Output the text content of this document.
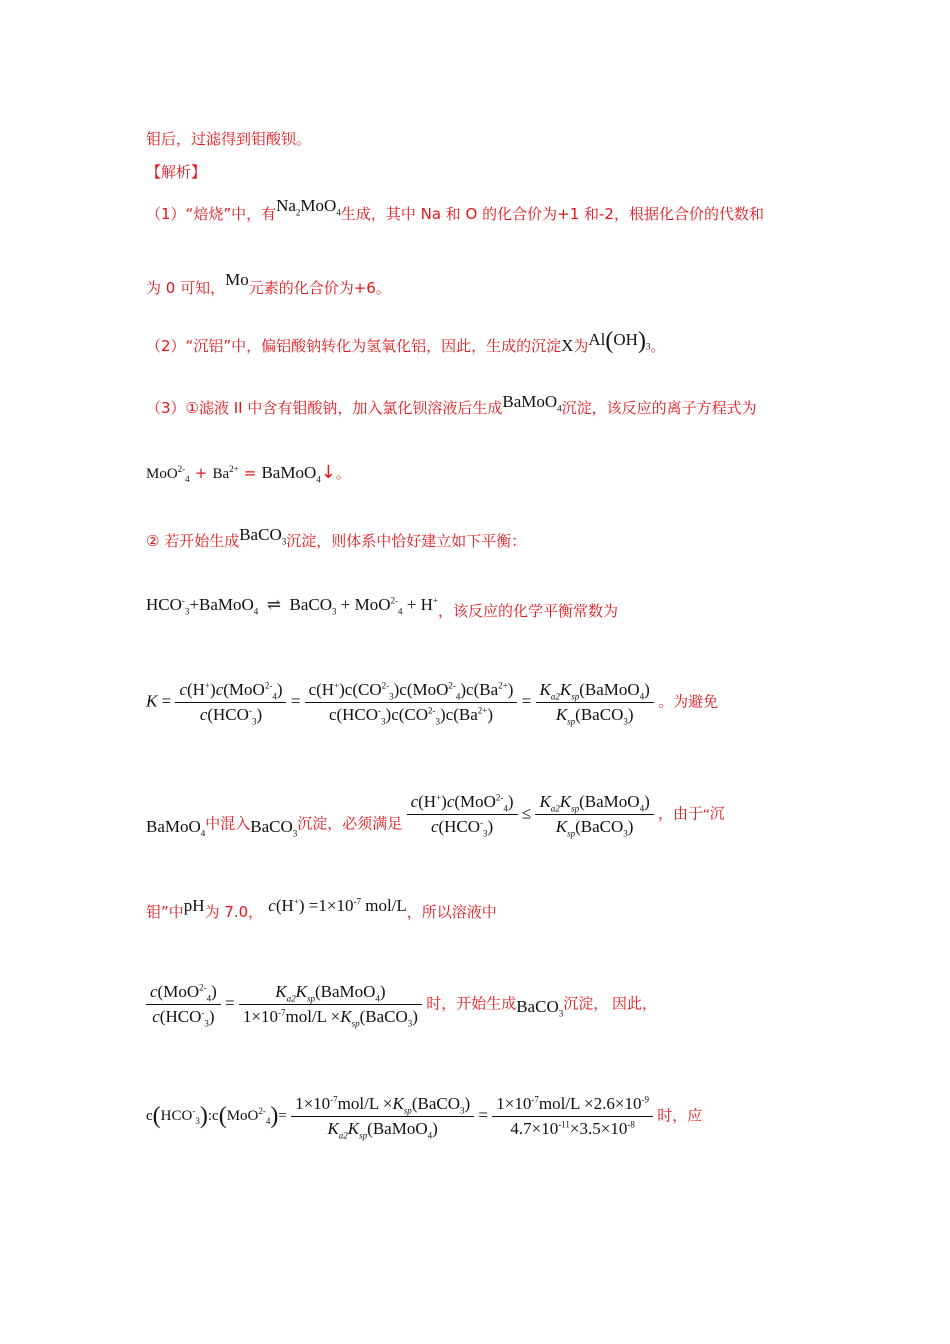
钼后，过滤得到钼酸钡。
【解析】
（1）“焙烧”中，有$Na_2MoO_4$生成，其中 Na 和 O 的化合价为+1 和-2，根据化合价的代数和
为 0 可知，Mo元素的化合价为+6。
（2）“沉铝”中，偏铝酸钠转化为氢氧化铝，因此，生成的沉淀X为$Al(OH)_3$。
（3）①滤液 II 中含有钼酸钠，加入氯化钡溶液后生成BaMoO$_4$沉淀，该反应的离子方程式为
$MoO^{2-}_4 + Ba^{2+}$ = BaMoO$_4$↓。
② 若开始生成BaCO$_3$沉淀，则体系中恰好建立如下平衡：
$HCO^-_3+BaMoO_4$ ⇌ BaCO$_3$ + MoO$^{2-}_4$ + H+，该反应的化学平衡常数为
$K = \frac{c(H^+)c(MoO^{2-}_4)}{c(HCO^-_3)} = \frac{c(H^+)c(CO^{2-}_3)c(MoO^{2-}_4)c(Ba^{2+})}{c(HCO^-_3)c(CO^{2-}_3)c(Ba^{2+})} = \frac{K_{a2}K_{sp}(BaMoO_4)}{K_{sp}(BaCO_3)}$ 。为避免
BaMoO$_4$中混入BaCO$_3$沉淀，必须满足 $\frac{c(H^+)c(MoO^{2-}_4)}{c(HCO^-_3)} \le \frac{K_{a2}K_{sp}(BaMoO_4)}{K_{sp}(BaCO_3)}$ ，由于“沉
钼”中pH为 7.0， $c(H^+) =1\times 10^{-7}$ mol/L，所以溶液中
$\frac{c(MoO^{2-}_4)}{c(HCO^-_3)} = \frac{K_{a2}K_{sp}(BaMoO_4)}{1\times 10^{-7}mol/L \times K_{sp}(BaCO_3)}$ 时，开始生成BaCO$_3$沉淀， 因此，
$c(HCO^-_3):c(MoO^{2-}_4)= \frac{1\times 10^{-7}mol/L \times K_{sp}(BaCO_3)}{K_{a2}K_{sp}(BaMoO_4)} = \frac{1\times 10^{-7}mol/L \times 2.6\times 10^{-9}}{4.7\times 10^{-11}\times 3.5\times 10^{-8}}$ 时，应
